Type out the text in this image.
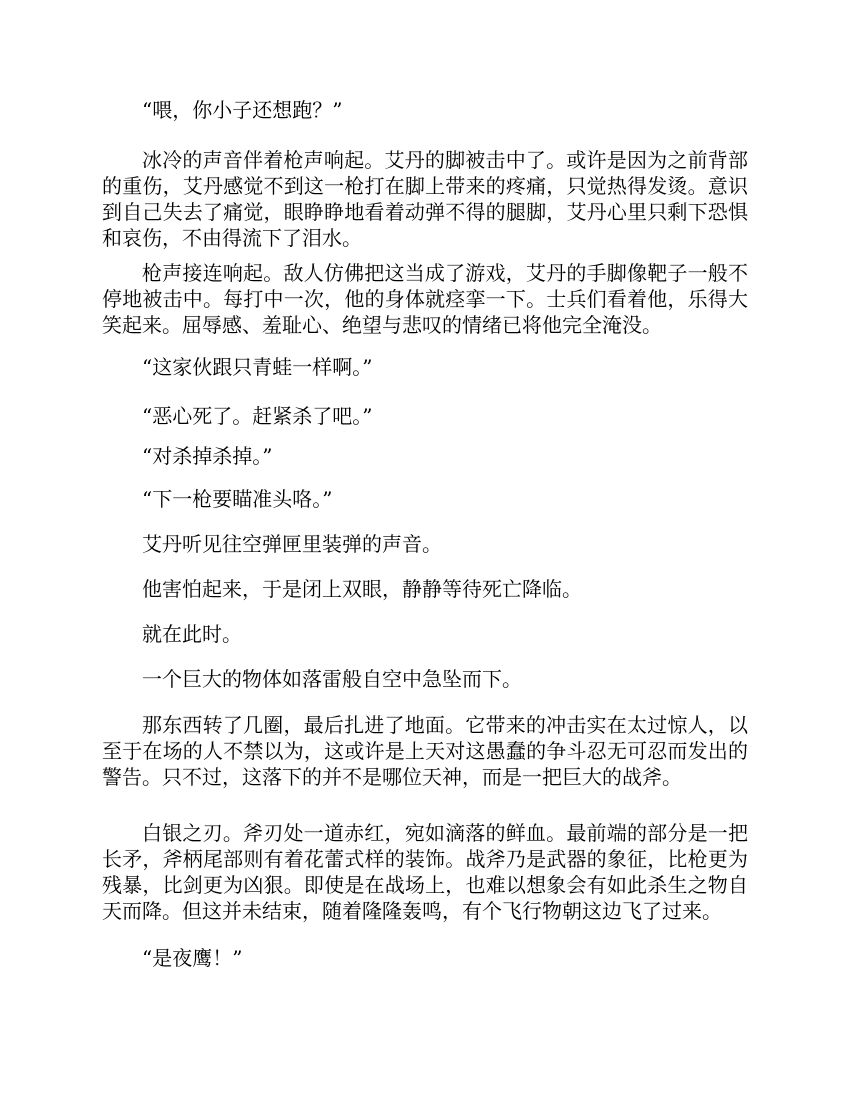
“喂，你小子还想跑？”

冰冷的声音伴着枪声响起。艾丹的脚被击中了。或许是因为之前背部的重伤，艾丹感觉不到这一枪打在脚上带来的疼痛，只觉热得发烫。意识到自己失去了痛觉，眼睁睁地看着动弹不得的腿脚，艾丹心里只剩下恐惧和哀伤，不由得流下了泪水。

枪声接连响起。敌人仿佛把这当成了游戏，艾丹的手脚像靶子一般不停地被击中。每打中一次，他的身体就痉挛一下。士兵们看着他，乐得大笑起来。屈辱感、羞耻心、绝望与悲叹的情绪已将他完全淹没。

“这家伙跟只青蛙一样啊。”

“恶心死了。赶紧杀了吧。”

“对杀掉杀掉。”

“下一枪要瞄准头咯。”

艾丹听见往空弹匣里装弹的声音。

他害怕起来，于是闭上双眼，静静等待死亡降临。

就在此时。

一个巨大的物体如落雷般自空中急坠而下。

那东西转了几圈，最后扎进了地面。它带来的冲击实在太过惊人，以至于在场的人不禁以为，这或许是上天对这愚蠢的争斗忍无可忍而发出的警告。只不过，这落下的并不是哪位天神，而是一把巨大的战斧。

白银之刃。斧刃处一道赤红，宛如滴落的鲜血。最前端的部分是一把长矛，斧柄尾部则有着花蕾式样的装饰。战斧乃是武器的象征，比枪更为残暴，比剑更为凶狠。即使是在战场上，也难以想象会有如此杀生之物自天而降。但这并未结束，随着隆隆轰鸣，有个飞行物朝这边飞了过来。

“是夜鹰！”
